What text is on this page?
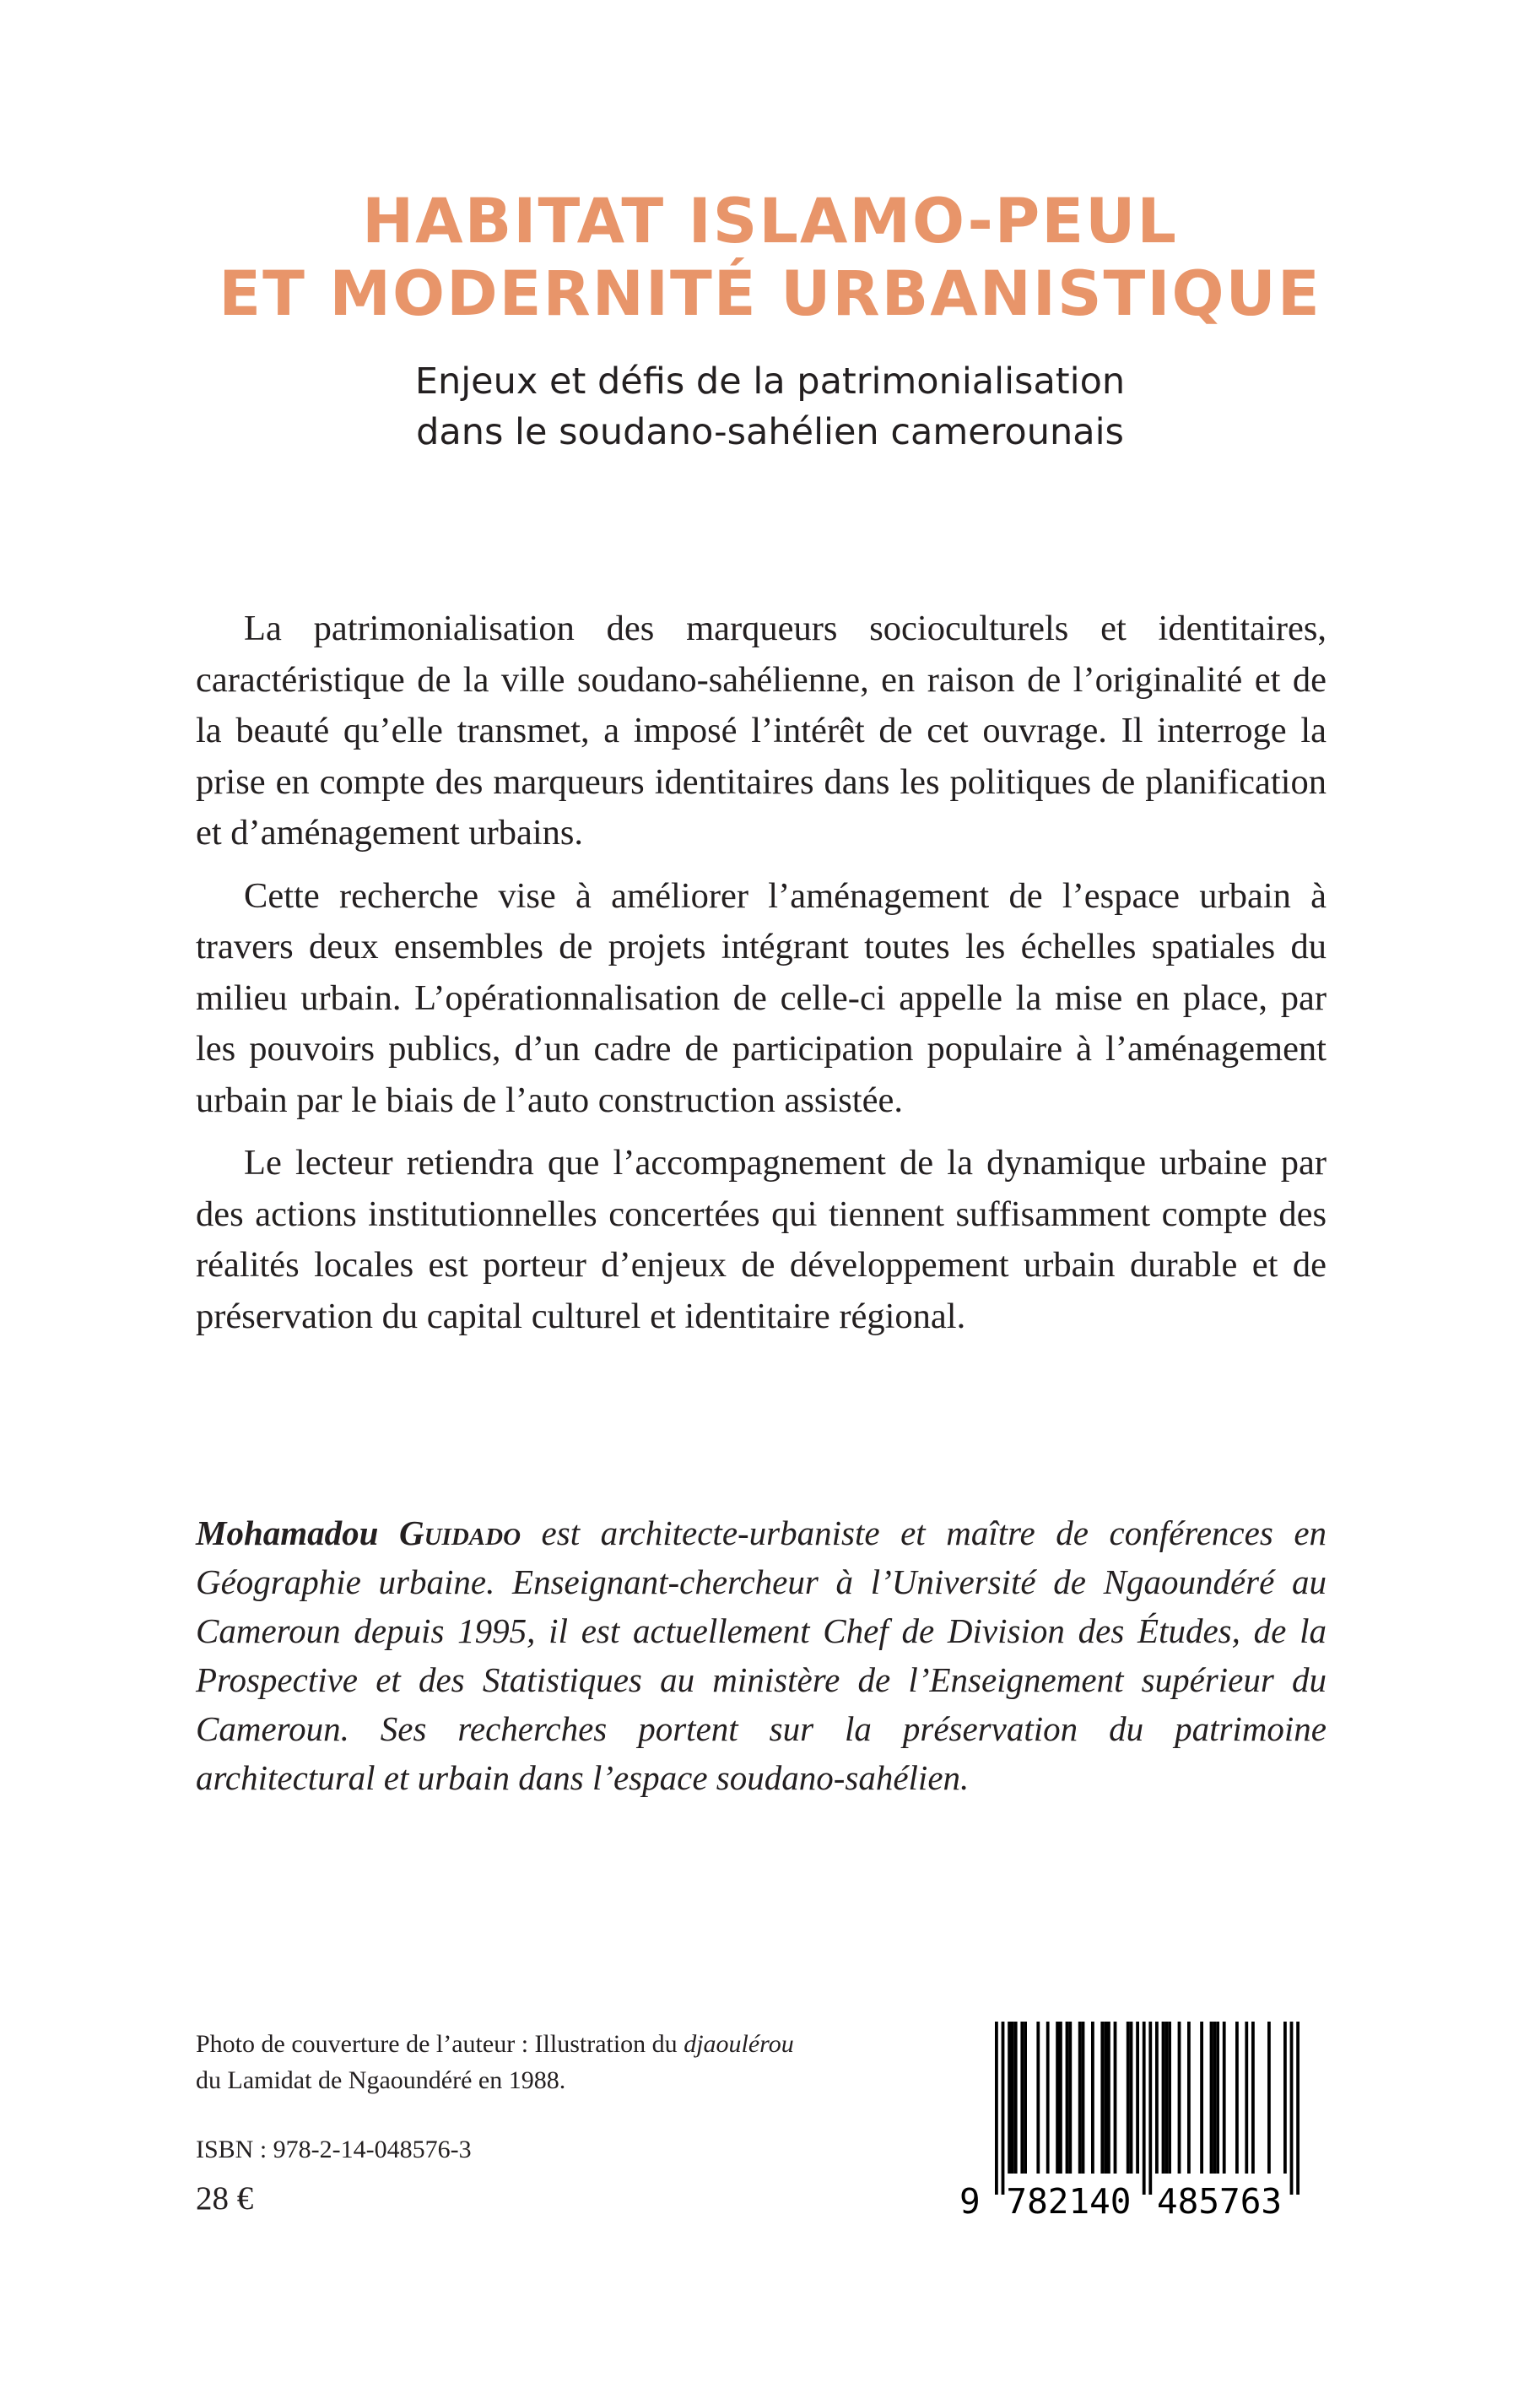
HABITAT ISLAMO-PEUL
ET MODERNITÉ URBANISTIQUE
Enjeux et défis de la patrimonialisation
dans le soudano-sahélien camerounais

La patrimonialisation des marqueurs socioculturels et identitaires, caractéristique de la ville soudano-sahélienne, en raison de l’originalité et de la beauté qu’elle transmet, a imposé l’intérêt de cet ouvrage. Il interroge la prise en compte des marqueurs identitaires dans les politiques de planification et d’aménagement urbains.

Cette recherche vise à améliorer l’aménagement de l’espace urbain à travers deux ensembles de projets intégrant toutes les échelles spatiales du milieu urbain. L’opérationnalisation de celle-ci appelle la mise en place, par les pouvoirs publics, d’un cadre de participation populaire à l’aménagement urbain par le biais de l’auto construction assistée.

Le lecteur retiendra que l’accompagnement de la dynamique urbaine par des actions institutionnelles concertées qui tiennent suffisamment compte des réalités locales est porteur d’enjeux de développement urbain durable et de préservation du capital culturel et identitaire régional.

Mohamadou Guidado est architecte-urbaniste et maître de conférences en Géographie urbaine. Enseignant-chercheur à l’Université de Ngaoundéré au Cameroun depuis 1995, il est actuellement Chef de Division des Études, de la Prospective et des Statistiques au ministère de l’Enseignement supérieur du Cameroun. Ses recherches portent sur la préservation du patrimoine architectural et urbain dans l’espace soudano-sahélien.

Photo de couverture de l’auteur : Illustration du djaoulérou
du Lamidat de Ngaoundéré en 1988.
ISBN : 978-2-14-048576-3
28 €	9 782140 485763
